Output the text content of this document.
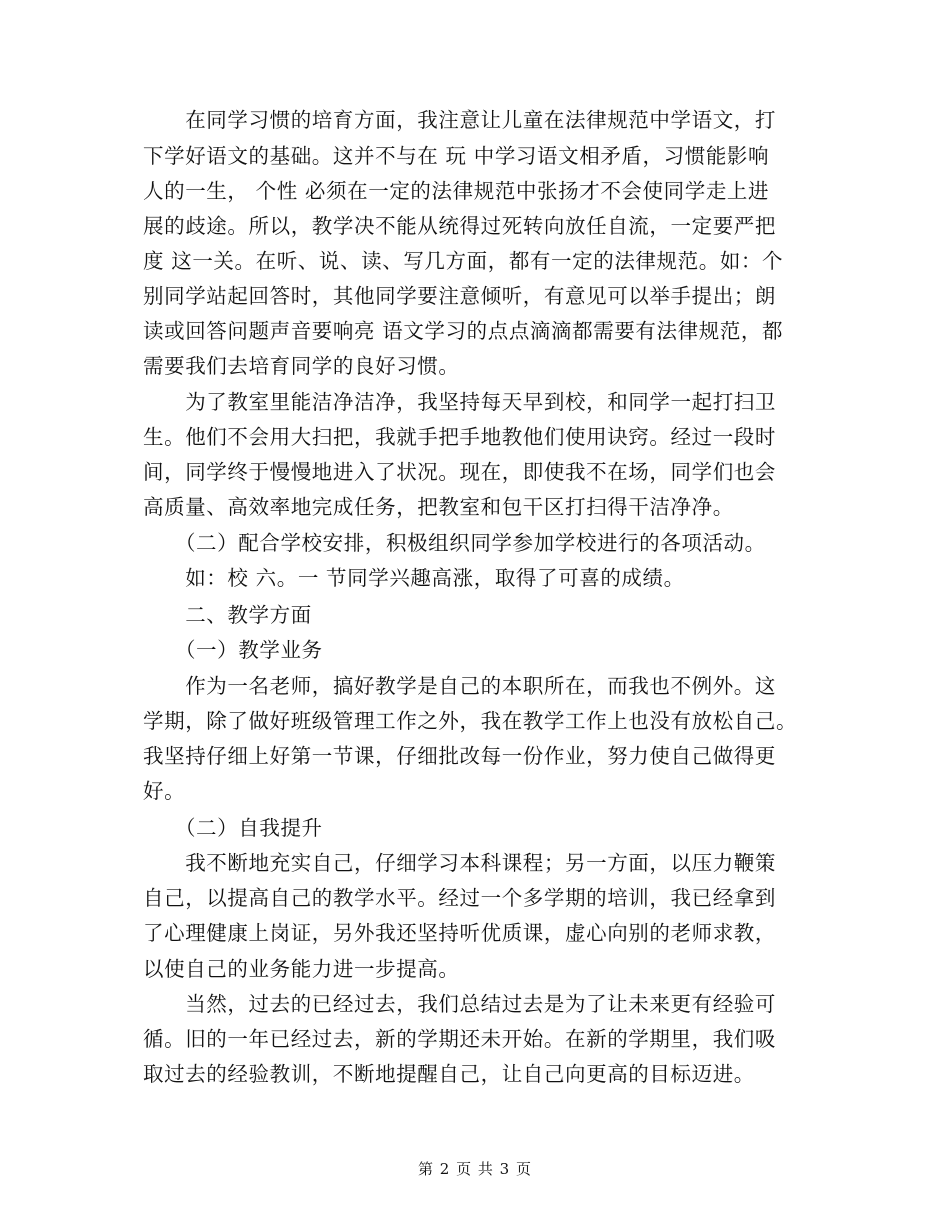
　　在同学习惯的培育方面，我注意让儿童在法律规范中学语文，打
下学好语文的基础。这并不与在 玩 中学习语文相矛盾，习惯能影响
人的一生， 个性 必须在一定的法律规范中张扬才不会使同学走上进
展的歧途。所以，教学决不能从统得过死转向放任自流，一定要严把
度 这一关。在听、说、读、写几方面，都有一定的法律规范。如：个
别同学站起回答时，其他同学要注意倾听，有意见可以举手提出；朗
读或回答问题声音要响亮 语文学习的点点滴滴都需要有法律规范，都
需要我们去培育同学的良好习惯。
　　为了教室里能洁净洁净，我坚持每天早到校，和同学一起打扫卫
生。他们不会用大扫把，我就手把手地教他们使用诀窍。经过一段时
间，同学终于慢慢地进入了状况。现在，即使我不在场，同学们也会
高质量、高效率地完成任务，把教室和包干区打扫得干洁净净。
　　（二）配合学校安排，积极组织同学参加学校进行的各项活动。
　　如：校 六。一 节同学兴趣高涨，取得了可喜的成绩。
　　二、教学方面
　　（一）教学业务
　　作为一名老师，搞好教学是自己的本职所在，而我也不例外。这
学期，除了做好班级管理工作之外，我在教学工作上也没有放松自己。
我坚持仔细上好第一节课，仔细批改每一份作业，努力使自己做得更
好。
　　（二）自我提升
　　我不断地充实自己，仔细学习本科课程；另一方面，以压力鞭策
自己，以提高自己的教学水平。经过一个多学期的培训，我已经拿到
了心理健康上岗证，另外我还坚持听优质课，虚心向别的老师求教，
以使自己的业务能力进一步提高。
　　当然，过去的已经过去，我们总结过去是为了让未来更有经验可
循。旧的一年已经过去，新的学期还未开始。在新的学期里，我们吸
取过去的经验教训，不断地提醒自己，让自己向更高的目标迈进。
第 2 页 共 3 页
